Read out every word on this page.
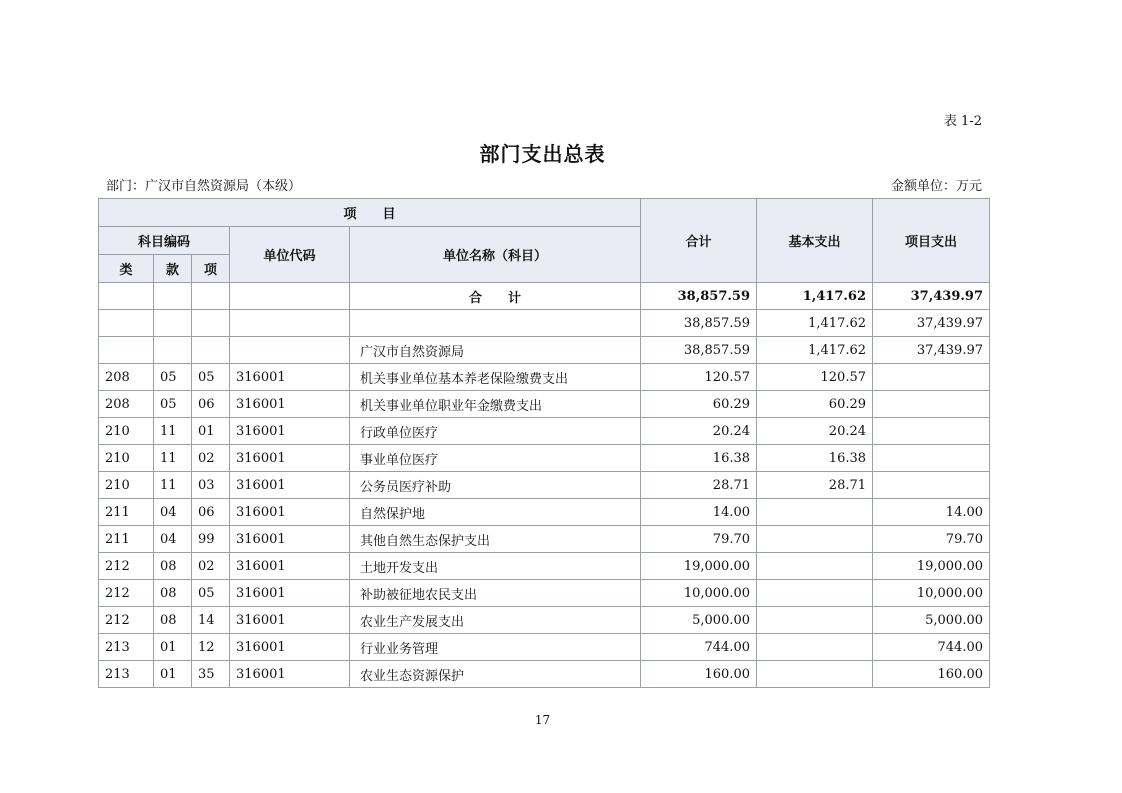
表 1-2
部门支出总表
部门：广汉市自然资源局（本级）	金额单位：万元
项　　目					合计	基本支出	项目支出
科目编码			单位代码	单位名称（科目）			
类	款	项					
				合　　计	38,857.59	1,417.62	37,439.97
					38,857.59	1,417.62	37,439.97
				广汉市自然资源局	38,857.59	1,417.62	37,439.97
208	05	05	316001	机关事业单位基本养老保险缴费支出	120.57	120.57	
208	05	06	316001	机关事业单位职业年金缴费支出	60.29	60.29	
210	11	01	316001	行政单位医疗	20.24	20.24	
210	11	02	316001	事业单位医疗	16.38	16.38	
210	11	03	316001	公务员医疗补助	28.71	28.71	
211	04	06	316001	自然保护地	14.00		14.00
211	04	99	316001	其他自然生态保护支出	79.70		79.70
212	08	02	316001	土地开发支出	19,000.00		19,000.00
212	08	05	316001	补助被征地农民支出	10,000.00		10,000.00
212	08	14	316001	农业生产发展支出	5,000.00		5,000.00
213	01	12	316001	行业业务管理	744.00		744.00
213	01	35	316001	农业生态资源保护	160.00		160.00
17
